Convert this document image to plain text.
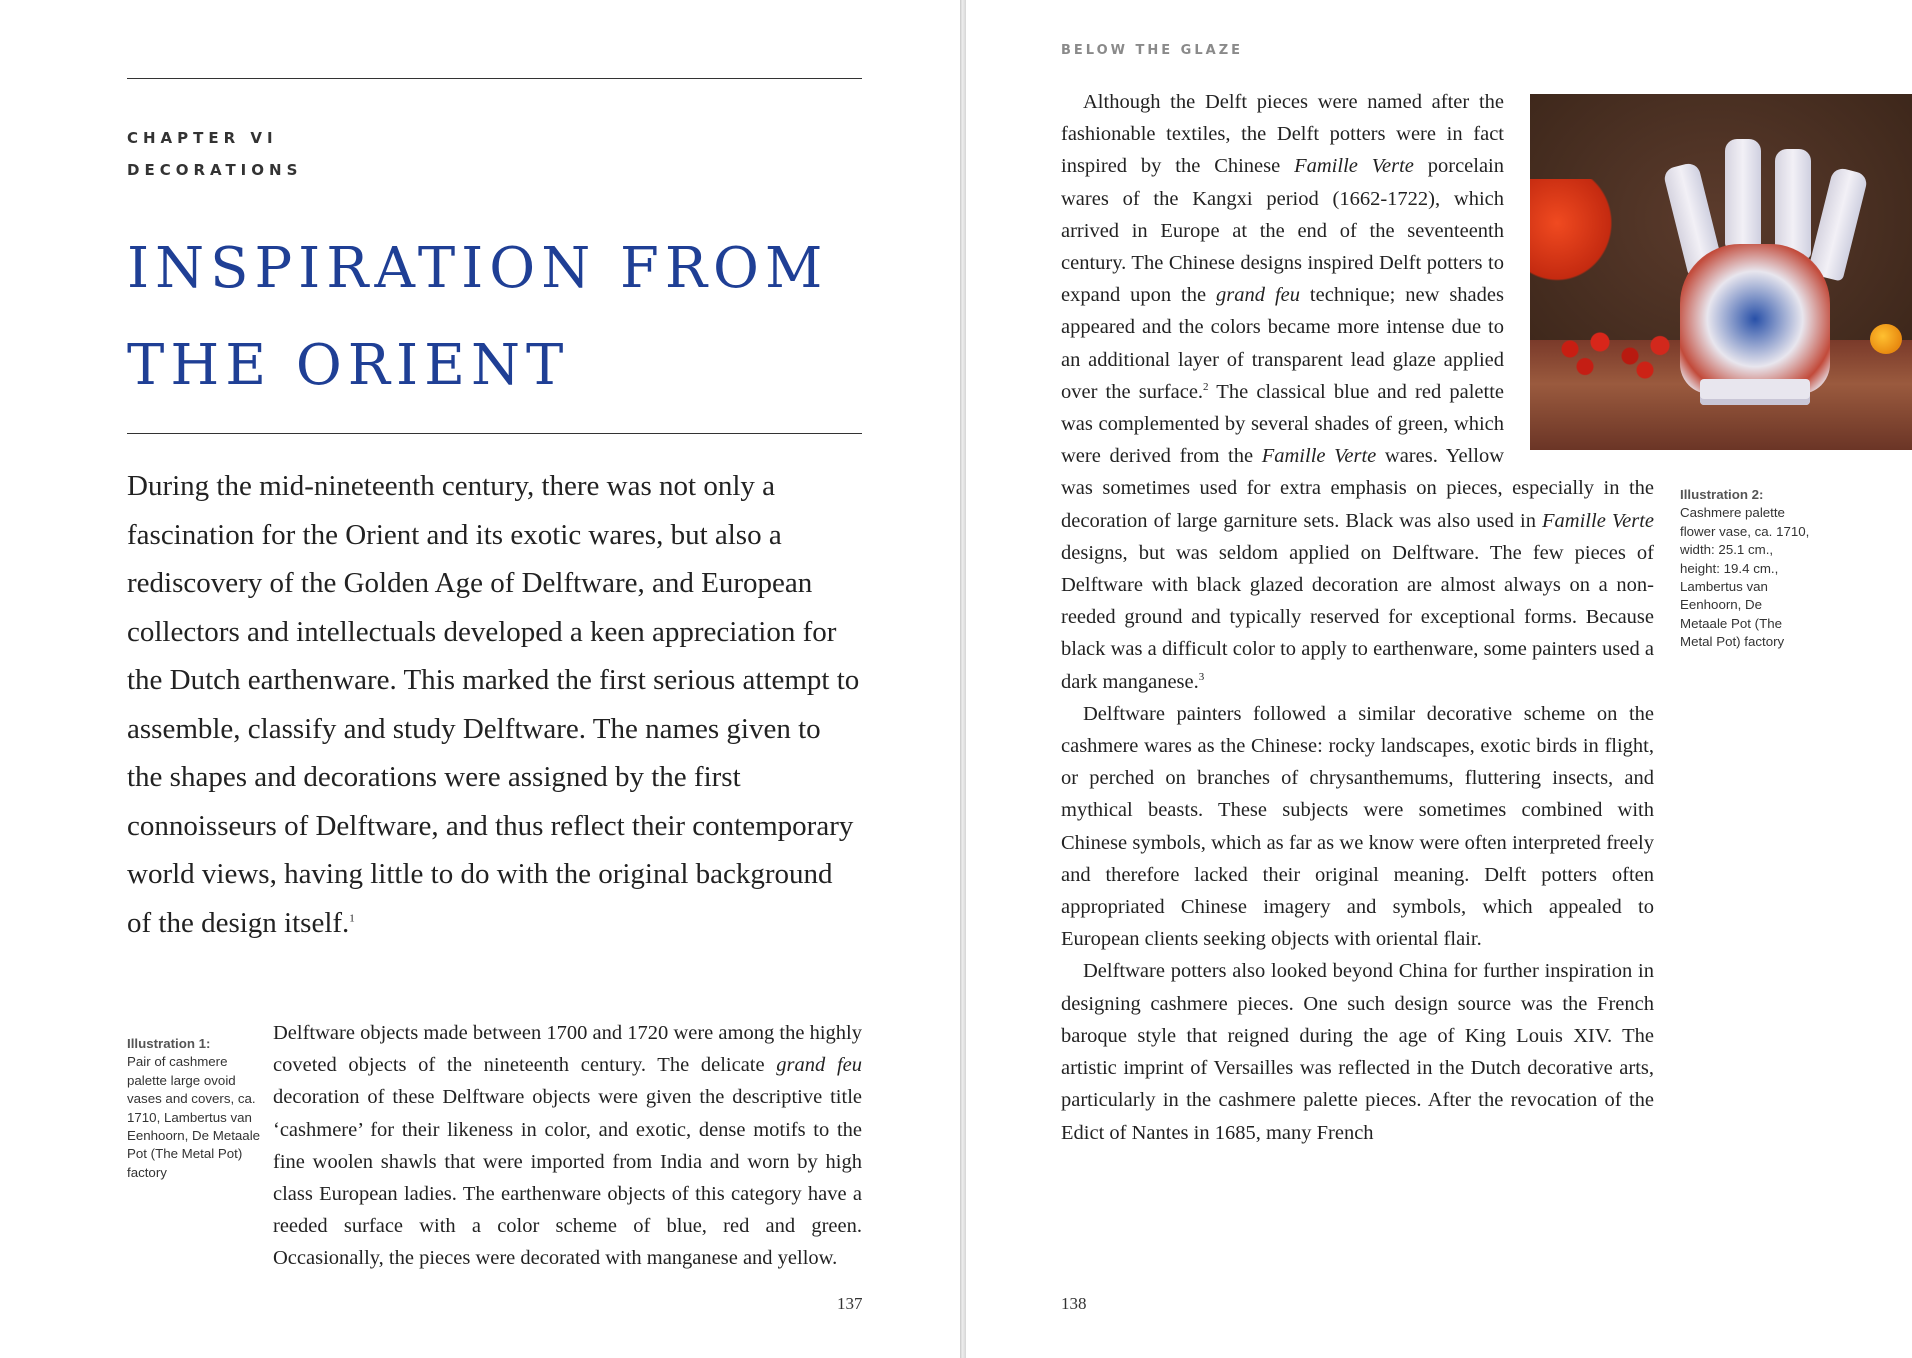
CHAPTER VI
DECORATIONS
INSPIRATION FROM
THE ORIENT

During the mid-nineteenth century, there was not only a fascination for the Orient and its exotic wares, but also a rediscovery of the Golden Age of Delftware, and European collectors and intellectuals developed a keen appreciation for the Dutch earthenware. This marked the first serious attempt to assemble, classify and study Delftware. The names given to the shapes and decorations were assigned by the first connoisseurs of Delftware, and thus reflect their contemporary world views, having little to do with the original background of the design itself.$^1$

Illustration 1:
Pair of cashmere palette large ovoid vases and covers, ca. 1710, Lambertus van Eenhoorn, De Metaale Pot (The Metal Pot) factory

Delftware objects made between 1700 and 1720 were among the highly coveted objects of the nineteenth century. The delicate grand feu decoration of these Delftware objects were given the descriptive title ‘cashmere’ for their likeness in color, and exotic, dense motifs to the fine woolen shawls that were imported from India and worn by high class European ladies. The earthenware objects of this category have a reeded surface with a color scheme of blue, red and green. Occasionally, the pieces were decorated with manganese and yellow.

137
BELOW THE GLAZE

Although the Delft pieces were named after the fashionable textiles, the Delft potters were in fact inspired by the Chinese Famille Verte porcelain wares of the Kangxi period (1662-1722), which arrived in Europe at the end of the seventeenth century. The Chinese designs inspired Delft potters to expand upon the grand feu technique; new shades appeared and the colors became more intense due to an additional layer of transparent lead glaze applied over the surface.$^2$ The classical blue and red palette was complemented by several shades of green, which were derived from the Famille Verte wares. Yellow was sometimes used for extra emphasis on pieces, especially in the decoration of large garniture sets. Black was also used in Famille Verte designs, but was seldom applied on Delftware. The few pieces of Delftware with black glazed decoration are almost always on a non-reeded ground and typically reserved for exceptional forms. Because black was a difficult color to apply to earthenware, some painters used a dark manganese.$^3$

Delftware painters followed a similar decorative scheme on the cashmere wares as the Chinese: rocky landscapes, exotic birds in flight, or perched on branches of chrysanthemums, fluttering insects, and mythical beasts. These subjects were sometimes combined with Chinese symbols, which as far as we know were often interpreted freely and therefore lacked their original meaning. Delft potters often appropriated Chinese imagery and symbols, which appealed to European clients seeking objects with oriental flair.

Delftware potters also looked beyond China for further inspiration in designing cashmere pieces. One such design source was the French baroque style that reigned during the age of King Louis XIV. The artistic imprint of Versailles was reflected in the Dutch decorative arts, particularly in the cashmere palette pieces. After the revocation of the Edict of Nantes in 1685, many French

Illustration 2:
Cashmere palette flower vase, ca. 1710, width: 25.1 cm., height: 19.4 cm., Lambertus van Eenhoorn, De Metaale Pot (The Metal Pot) factory
138
